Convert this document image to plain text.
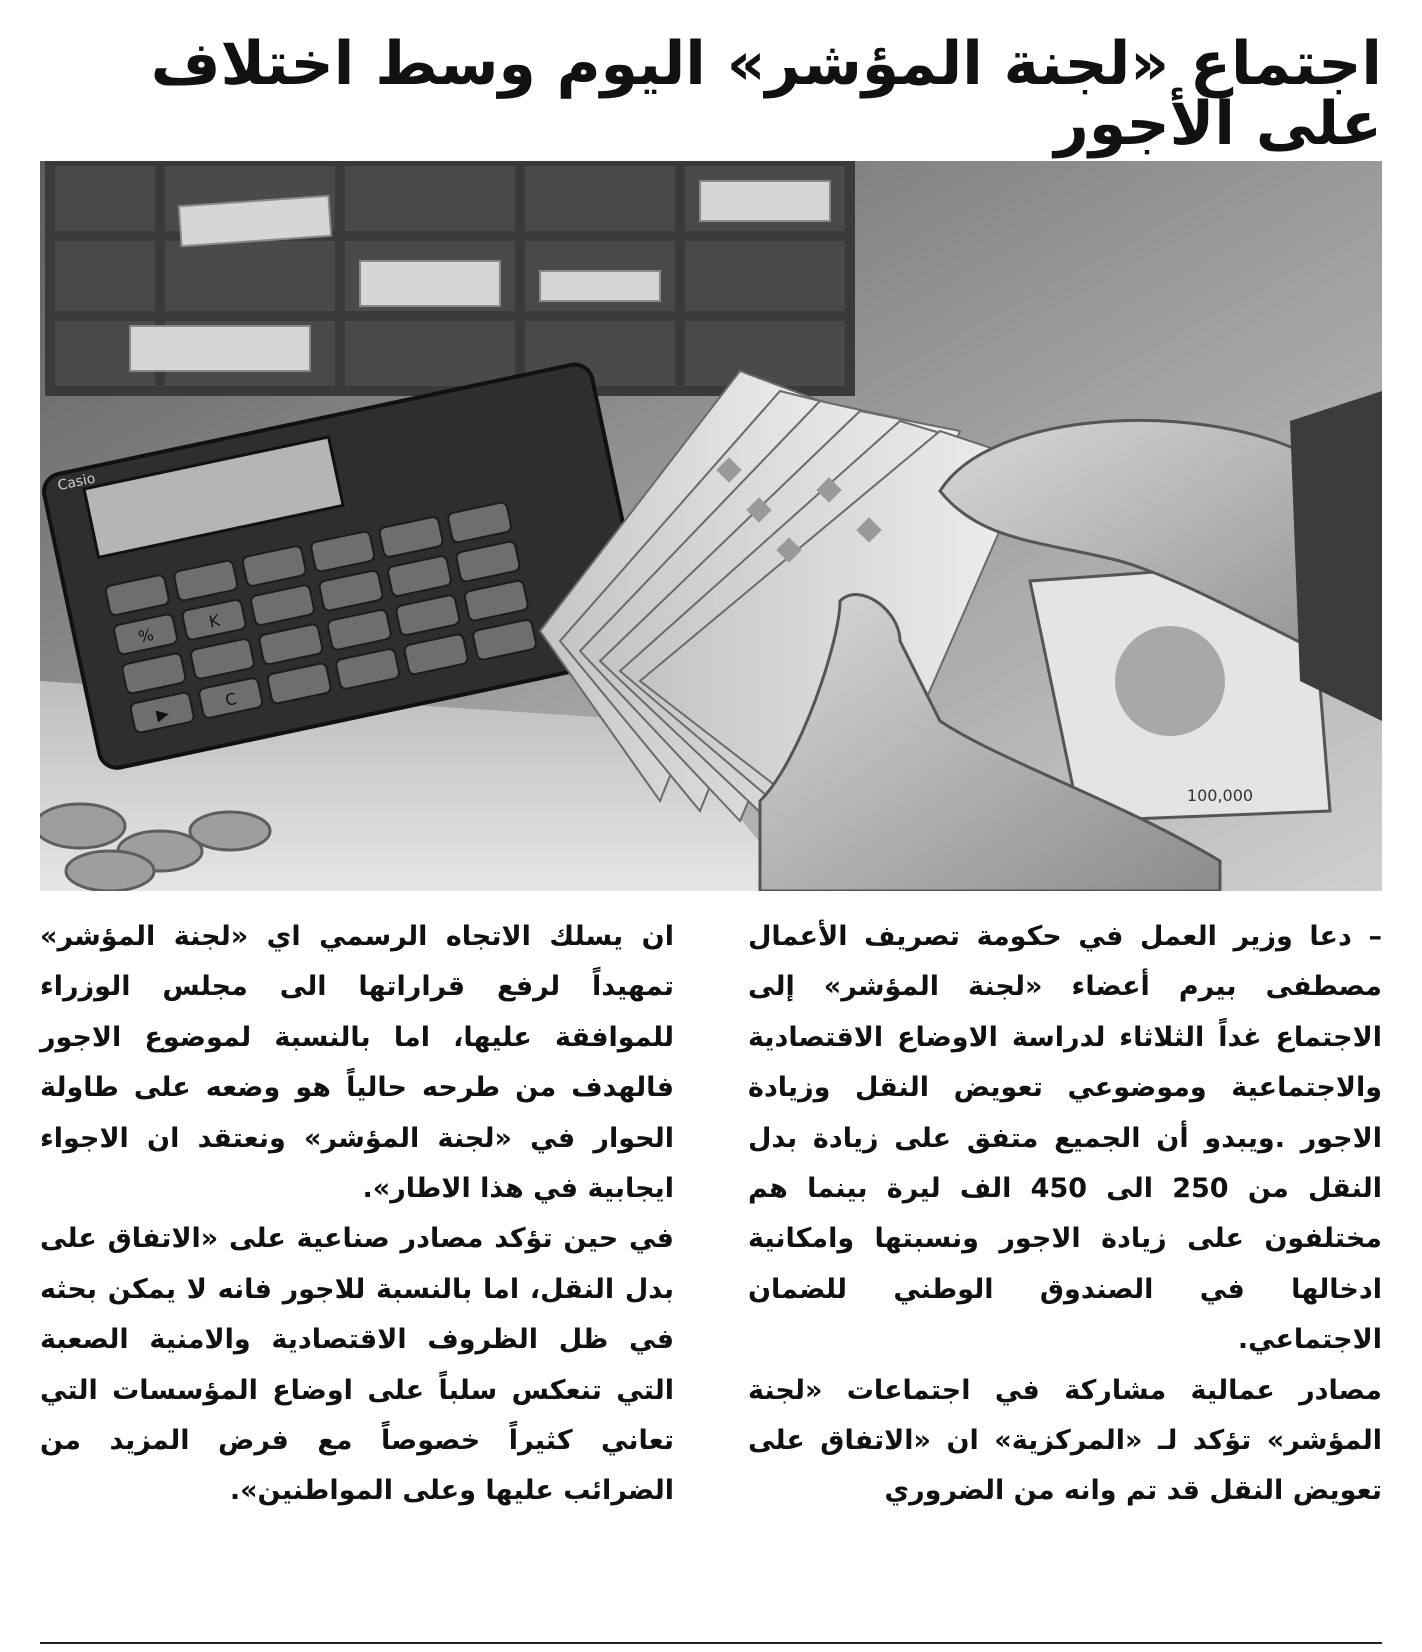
اجتماع «لجنة المؤشر» اليوم وسط اختلاف على الأجور
Casio
%
K
▶
C
100,000

– دعا وزير العمل في حكومة تصريف الأعمال مصطفى بيرم أعضاء «لجنة المؤشر» إلى الاجتماع غداً الثلاثاء لدراسة الاوضاع الاقتصادية والاجتماعية وموضوعي تعويض النقل وزيادة الاجور .ويبدو أن الجميع متفق على زيادة بدل النقل من 250 الى 450 الف ليرة بينما هم مختلفون على زيادة الاجور ونسبتها وامكانية ادخالها في الصندوق الوطني للضمان الاجتماعي.

مصادر عمالية مشاركة في اجتماعات «لجنة المؤشر» تؤكد لـ «المركزية» ان «الاتفاق على تعويض النقل قد تم وانه من الضروري

ان يسلك الاتجاه الرسمي اي «لجنة المؤشر» تمهيداً لرفع قراراتها الى مجلس الوزراء للموافقة عليها، اما بالنسبة لموضوع الاجور فالهدف من طرحه حالياً هو وضعه على طاولة الحوار في «لجنة المؤشر» ونعتقد ان الاجواء ايجابية في هذا الاطار».

في حين تؤكد مصادر صناعية على «الاتفاق على بدل النقل، اما بالنسبة للاجور فانه لا يمكن بحثه في ظل الظروف الاقتصادية والامنية الصعبة التي تنعكس سلباً على اوضاع المؤسسات التي تعاني كثيراً خصوصاً مع فرض المزيد من الضرائب عليها وعلى المواطنين».
